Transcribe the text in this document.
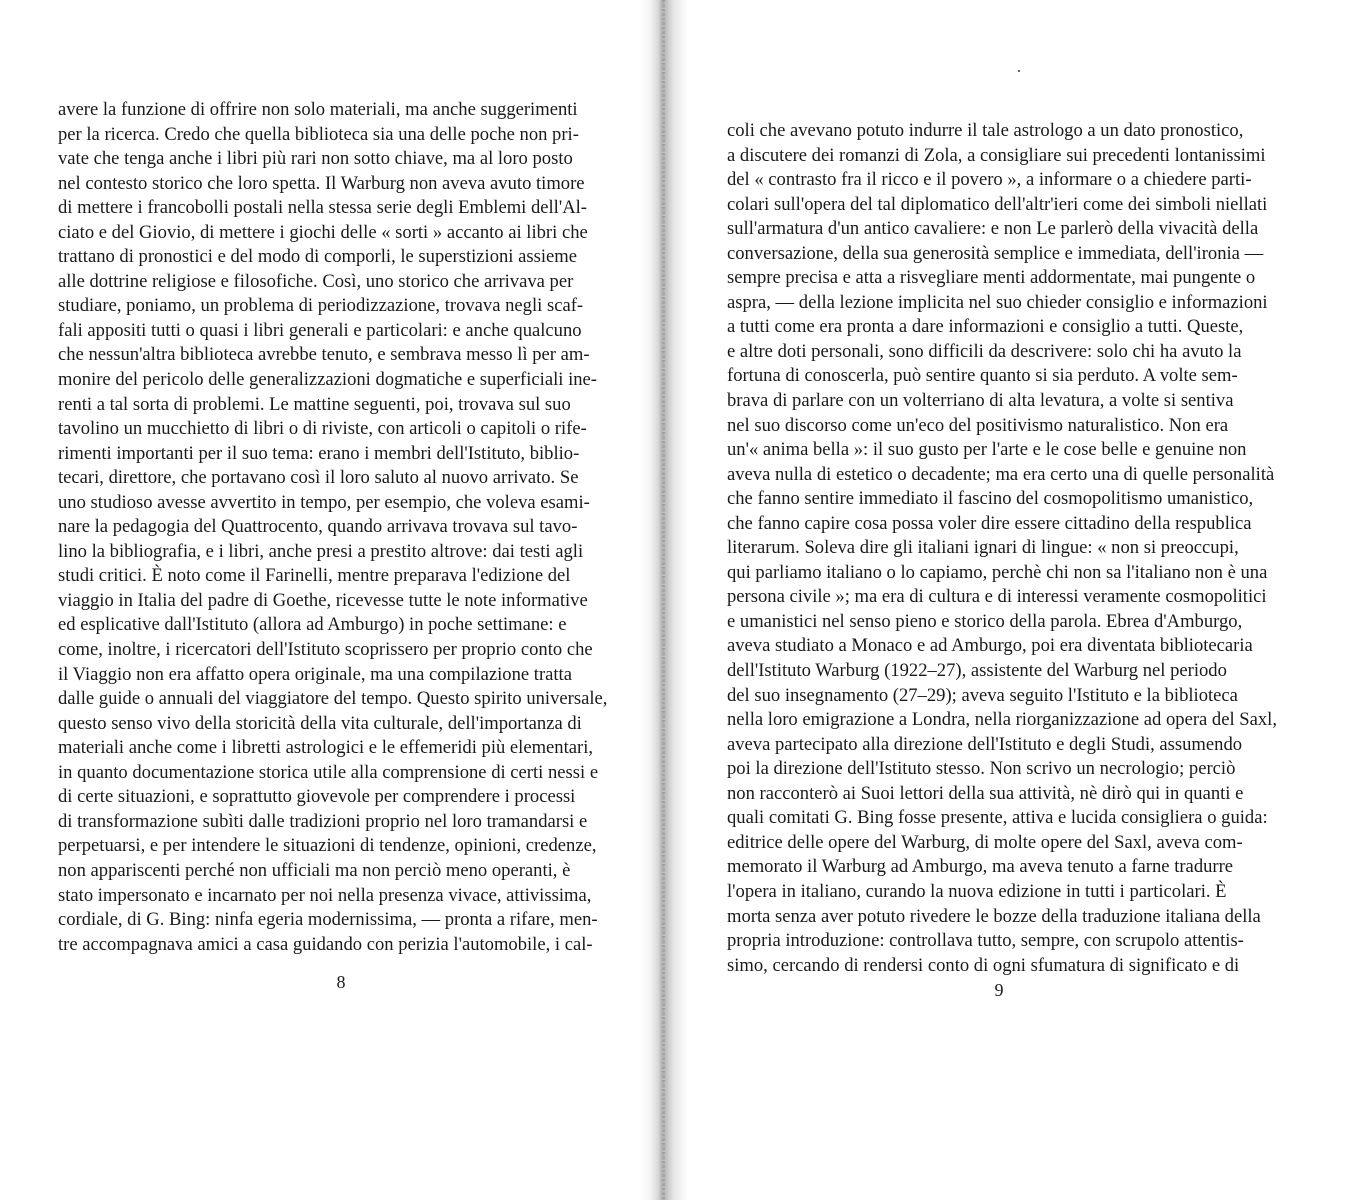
avere la funzione di offrire non solo materiali, ma anche suggerimenti
per la ricerca. Credo che quella biblioteca sia una delle poche non pri-
vate che tenga anche i libri più rari non sotto chiave, ma al loro posto
nel contesto storico che loro spetta. Il Warburg non aveva avuto timore
di mettere i francobolli postali nella stessa serie degli Emblemi dell'Al-
ciato e del Giovio, di mettere i giochi delle « sorti » accanto ai libri che
trattano di pronostici e del modo di comporli, le superstizioni assieme
alle dottrine religiose e filosofiche. Così, uno storico che arrivava per
studiare, poniamo, un problema di periodizzazione, trovava negli scaf-
fali appositi tutti o quasi i libri generali e particolari: e anche qualcuno
che nessun'altra biblioteca avrebbe tenuto, e sembrava messo lì per am-
monire del pericolo delle generalizzazioni dogmatiche e superficiali ine-
renti a tal sorta di problemi. Le mattine seguenti, poi, trovava sul suo
tavolino un mucchietto di libri o di riviste, con articoli o capitoli o rife-
rimenti importanti per il suo tema: erano i membri dell'Istituto, biblio-
tecari, direttore, che portavano così il loro saluto al nuovo arrivato. Se
uno studioso avesse avvertito in tempo, per esempio, che voleva esami-
nare la pedagogia del Quattrocento, quando arrivava trovava sul tavo-
lino la bibliografia, e i libri, anche presi a prestito altrove: dai testi agli
studi critici. È noto come il Farinelli, mentre preparava l'edizione del
viaggio in Italia del padre di Goethe, ricevesse tutte le note informative
ed esplicative dall'Istituto (allora ad Amburgo) in poche settimane: e
come, inoltre, i ricercatori dell'Istituto scoprissero per proprio conto che
il Viaggio non era affatto opera originale, ma una compilazione tratta
dalle guide o annuali del viaggiatore del tempo. Questo spirito universale,
questo senso vivo della storicità della vita culturale, dell'importanza di
materiali anche come i libretti astrologici e le effemeridi più elementari,
in quanto documentazione storica utile alla comprensione di certi nessi e
di certe situazioni, e soprattutto giovevole per comprendere i processi
di transformazione subìti dalle tradizioni proprio nel loro tramandarsi e
perpetuarsi, e per intendere le situazioni di tendenze, opinioni, credenze,
non appariscenti perché non ufficiali ma non perciò meno operanti, è
stato impersonato e incarnato per noi nella presenza vivace, attivissima,
cordiale, di G. Bing: ninfa egeria modernissima, — pronta a rifare, men-
tre accompagnava amici a casa guidando con perizia l'automobile, i cal-
8
coli che avevano potuto indurre il tale astrologo a un dato pronostico,
a discutere dei romanzi di Zola, a consigliare sui precedenti lontanissimi
del « contrasto fra il ricco e il povero », a informare o a chiedere parti-
colari sull'opera del tal diplomatico dell'altr'ieri come dei simboli niellati
sull'armatura d'un antico cavaliere: e non Le parlerò della vivacità della
conversazione, della sua generosità semplice e immediata, dell'ironia —
sempre precisa e atta a risvegliare menti addormentate, mai pungente o
aspra, — della lezione implicita nel suo chieder consiglio e informazioni
a tutti come era pronta a dare informazioni e consiglio a tutti. Queste,
e altre doti personali, sono difficili da descrivere: solo chi ha avuto la
fortuna di conoscerla, può sentire quanto si sia perduto. A volte sem-
brava di parlare con un volterriano di alta levatura, a volte si sentiva
nel suo discorso come un'eco del positivismo naturalistico. Non era
un'« anima bella »: il suo gusto per l'arte e le cose belle e genuine non
aveva nulla di estetico o decadente; ma era certo una di quelle personalità
che fanno sentire immediato il fascino del cosmopolitismo umanistico,
che fanno capire cosa possa voler dire essere cittadino della respublica
literarum. Soleva dire gli italiani ignari di lingue: « non si preoccupi,
qui parliamo italiano o lo capiamo, perchè chi non sa l'italiano non è una
persona civile »; ma era di cultura e di interessi veramente cosmopolitici
e umanistici nel senso pieno e storico della parola. Ebrea d'Amburgo,
aveva studiato a Monaco e ad Amburgo, poi era diventata bibliotecaria
dell'Istituto Warburg (1922–27), assistente del Warburg nel periodo
del suo insegnamento (27–29); aveva seguito l'Istituto e la biblioteca
nella loro emigrazione a Londra, nella riorganizzazione ad opera del Saxl,
aveva partecipato alla direzione dell'Istituto e degli Studi, assumendo
poi la direzione dell'Istituto stesso. Non scrivo un necrologio; perciò
non racconterò ai Suoi lettori della sua attività, nè dirò qui in quanti e
quali comitati G. Bing fosse presente, attiva e lucida consigliera o guida:
editrice delle opere del Warburg, di molte opere del Saxl, aveva com-
memorato il Warburg ad Amburgo, ma aveva tenuto a farne tradurre
l'opera in italiano, curando la nuova edizione in tutti i particolari. È
morta senza aver potuto rivedere le bozze della traduzione italiana della
propria introduzione: controllava tutto, sempre, con scrupolo attentis-
simo, cercando di rendersi conto di ogni sfumatura di significato e di
9
